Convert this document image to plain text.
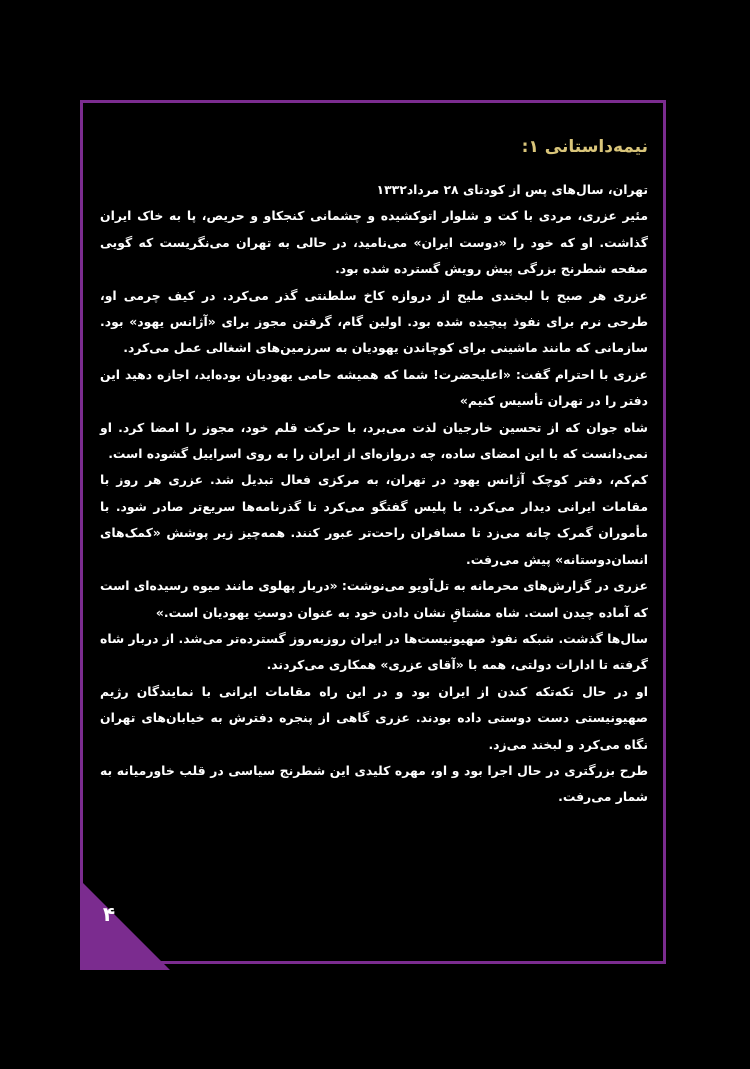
۴
نیمه‌داستانی ۱:

تهران، سال‌های پس از کودتای ۲۸ مرداد۱۳۳۲

مئیر عزری، مردی با کت و شلوار اتوکشیده و چشمانی کنجکاو و حریص، پا به خاک ایران گذاشت. او که خود را «دوست ایران» می‌نامید، در حالی به تهران می‌نگریست که گویی صفحه شطرنج بزرگی پیش رویش گسترده شده بود.

عزری هر صبح با لبخندی ملیح از دروازه کاخ سلطنتی گذر می‌کرد. در کیف چرمی او، طرحی نرم برای نفوذ پیچیده شده بود. اولین گام، گرفتن مجوز برای «آژانس یهود» بود. سازمانی که مانند ماشینی برای کوچاندن یهودیان به سرزمین‌های اشغالی عمل می‌کرد.

عزری با احترام گفت: «اعلیحضرت! شما که همیشه حامی یهودیان بوده‌اید، اجازه دهید این دفتر را در تهران تأسیس کنیم»

شاه جوان که از تحسین خارجیان لذت می‌برد، با حرکت قلم خود، مجوز را امضا کرد. او نمی‌دانست که با این امضای ساده، چه دروازه‌ای از ایران را به روی اسراییل گشوده است.

کم‌کم، دفتر کوچک آژانس یهود در تهران، به مرکزی فعال تبدیل شد. عزری هر روز با مقامات ایرانی دیدار می‌کرد. با پلیس گفتگو می‌کرد تا گذرنامه‌ها سریع‌تر صادر شود. با مأموران گمرک چانه می‌زد تا مسافران راحت‌تر عبور کنند. همه‌چیز زیر پوشش «کمک‌های انسان‌دوستانه» پیش می‌رفت.

عزری در گزارش‌های محرمانه به تل‌آویو می‌نوشت: «دربار پهلوی مانند میوه رسیده‌ای است که آماده چیدن است. شاه مشتاقِ نشان دادن خود به عنوان دوستِ یهودیان است.»

سال‌ها گذشت. شبکه نفوذ صهیونیست‌ها در ایران روزبه‌روز گسترده‌تر می‌شد. از دربار شاه گرفته تا ادارات دولتی، همه با «آقای عزری» همکاری می‌کردند.

او در حال تکه‌تکه کندن از ایران بود و در این راه مقامات ایرانی با نمایندگان رژیم صهیونیستی دست دوستی داده بودند. عزری گاهی از پنجره دفترش به خیابان‌های تهران نگاه می‌کرد و لبخند می‌زد.

طرح بزرگتری در حال اجرا بود و او، مهره کلیدی این شطرنج سیاسی در قلب خاورمیانه به شمار می‌رفت.
